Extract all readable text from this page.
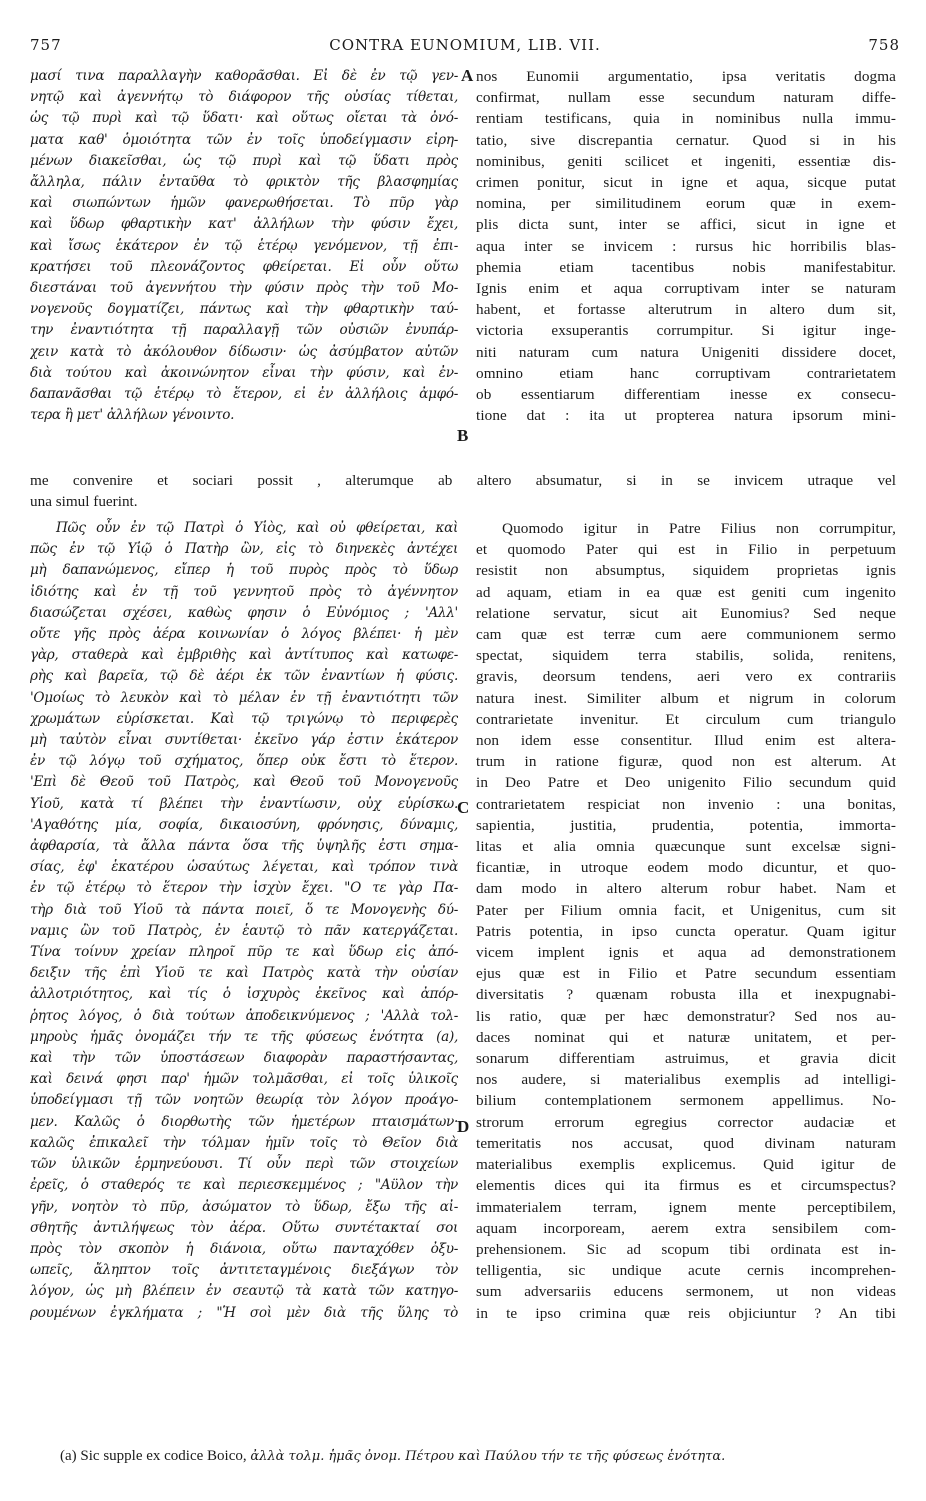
757	CONTRA EUNOMIUM, LIB. VII.	758
μασί τινα παραλλαγὴν καθορᾶσθαι. Εἰ δὲ ἐν τῷ γεν-
νητῷ καὶ ἀγεννήτῳ τὸ διάφορον τῆς οὐσίας τίθεται,
ὡς τῷ πυρὶ καὶ τῷ ὕδατι· καὶ οὕτως οἴεται τὰ ὀνό-
ματα καθ' ὁμοιότητα τῶν ἐν τοῖς ὑποδείγμασιν εἰρη-
μένων διακεῖσθαι, ὡς τῷ πυρὶ καὶ τῷ ὕδατι πρὸς
ἄλληλα, πάλιν ἐνταῦθα τὸ φρικτὸν τῆς βλασφημίας
καὶ σιωπώντων ἡμῶν φανερωθήσεται. Τὸ πῦρ γὰρ
καὶ ὕδωρ φθαρτικὴν κατ' ἀλλήλων τὴν φύσιν ἔχει,
καὶ ἴσως ἑκάτερον ἐν τῷ ἑτέρῳ γενόμενον, τῇ ἐπι-
κρατήσει τοῦ πλεονάζοντος φθείρεται. Εἰ οὖν οὕτω
διεστάναι τοῦ ἀγεννήτου τὴν φύσιν πρὸς τὴν τοῦ Μο-
νογενοῦς δογματίζει, πάντως καὶ τὴν φθαρτικὴν ταύ-
την ἐναντιότητα τῇ παραλλαγῇ τῶν οὐσιῶν ἐνυπάρ-
χειν κατὰ τὸ ἀκόλουθον δίδωσιν· ὡς ἀσύμβατον αὐτῶν
διὰ τούτου καὶ ἀκοινώνητον εἶναι τὴν φύσιν, καὶ ἐν-
δαπανᾶσθαι τῷ ἑτέρῳ τὸ ἕτερον, εἰ ἐν ἀλλήλοις ἀμφό-
τερα ἢ μετ' ἀλλήλων γένοιντο.
nos Eunomii argumentatio, ipsa veritatis dogma
confirmat, nullam esse secundum naturam diffe-
rentiam testificans, quia in nominibus nulla immu-
tatio, sive discrepantia cernatur. Quod si in his
nominibus, geniti scilicet et ingeniti, essentiæ dis-
crimen ponitur, sicut in igne et aqua, sicque putat
nomina, per similitudinem eorum quæ in exem-
plis dicta sunt, inter se affici, sicut in igne et
aqua inter se invicem : rursus hic horribilis blas-
phemia etiam tacentibus nobis manifestabitur.
Ignis enim et aqua corruptivam inter se naturam
habent, et fortasse alterutrum in altero dum sit,
victoria exsuperantis corrumpitur. Si igitur inge-
niti naturam cum natura Unigeniti dissidere docet,
omnino etiam hanc corruptivam contrarietatem
ob essentiarum differentiam inesse ex consecu-
tione dat : ita ut propterea natura ipsorum mini-
A
B
C
D
me convenire et sociari possit , alterumque ab altero absumatur, si in se invicem utraque vel
una simul fuerint.
Πῶς οὖν ἐν τῷ Πατρὶ ὁ Υἱὸς, καὶ οὐ φθείρεται, καὶ
πῶς ἐν τῷ Υἱῷ ὁ Πατὴρ ὢν, εἰς τὸ διηνεκὲς ἀντέχει
μὴ δαπανώμενος, εἴπερ ἡ τοῦ πυρὸς πρὸς τὸ ὕδωρ
ἰδιότης καὶ ἐν τῇ τοῦ γεννητοῦ πρὸς τὸ ἀγέννητον
διασώζεται σχέσει, καθὼς φησιν ὁ Εὐνόμιος ; 'Αλλ'
οὔτε γῆς πρὸς ἀέρα κοινωνίαν ὁ λόγος βλέπει· ἡ μὲν
γὰρ, σταθερὰ καὶ ἐμβριθὴς καὶ ἀντίτυπος καὶ κατωφε-
ρὴς καὶ βαρεῖα, τῷ δὲ ἀέρι ἐκ τῶν ἐναντίων ἡ φύσις.
'Ομοίως τὸ λευκὸν καὶ τὸ μέλαν ἐν τῇ ἐναντιότητι τῶν
χρωμάτων εὑρίσκεται. Καὶ τῷ τριγώνῳ τὸ περιφερὲς
μὴ ταὐτὸν εἶναι συντίθεται· ἐκεῖνο γάρ ἐστιν ἑκάτερον
ἐν τῷ λόγῳ τοῦ σχήματος, ὅπερ οὐκ ἔστι τὸ ἕτερον.
'Επὶ δὲ Θεοῦ τοῦ Πατρὸς, καὶ Θεοῦ τοῦ Μονογενοῦς
Υἱοῦ, κατὰ τί βλέπει τὴν ἐναντίωσιν, οὐχ εὑρίσκω.
'Αγαθότης μία, σοφία, δικαιοσύνη, φρόνησις, δύναμις,
ἀφθαρσία, τὰ ἄλλα πάντα ὅσα τῆς ὑψηλῆς ἐστι σημα-
σίας, ἐφ' ἑκατέρου ὡσαύτως λέγεται, καὶ τρόπον τινὰ
ἐν τῷ ἑτέρῳ τὸ ἕτερον τὴν ἰσχὺν ἔχει. "Ο τε γὰρ Πα-
τὴρ διὰ τοῦ Υἱοῦ τὰ πάντα ποιεῖ, ὅ τε Μονογενὴς δύ-
ναμις ὢν τοῦ Πατρὸς, ἐν ἑαυτῷ τὸ πᾶν κατεργάζεται.
Τίνα τοίνυν χρείαν πληροῖ πῦρ τε καὶ ὕδωρ εἰς ἀπό-
δειξιν τῆς ἐπὶ Υἱοῦ τε καὶ Πατρὸς κατὰ τὴν οὐσίαν
ἀλλοτριότητος, καὶ τίς ὁ ἰσχυρὸς ἐκεῖνος καὶ ἀπόρ-
ῥητος λόγος, ὁ διὰ τούτων ἀποδεικνύμενος ; 'Αλλὰ τολ-
μηροὺς ἡμᾶς ὀνομάζει τήν τε τῆς φύσεως ἑνότητα (a),
καὶ τὴν τῶν ὑποστάσεων διαφορὰν παραστήσαντας,
καὶ δεινά φησι παρ' ἡμῶν τολμᾶσθαι, εἰ τοῖς ὑλικοῖς
ὑποδείγμασι τῇ τῶν νοητῶν θεωρίᾳ τὸν λόγον προάγο-
μεν. Καλῶς ὁ διορθωτὴς τῶν ἡμετέρων πταισμάτων·
καλῶς ἐπικαλεῖ τὴν τόλμαν ἡμῖν τοῖς τὸ Θεῖον διὰ
τῶν ὑλικῶν ἑρμηνεύουσι. Τί οὖν περὶ τῶν στοιχείων
ἐρεῖς, ὁ σταθερός τε καὶ περιεσκεμμένος ; "Αϋλον τὴν
γῆν, νοητὸν τὸ πῦρ, ἀσώματον τὸ ὕδωρ, ἔξω τῆς αἰ-
σθητῆς ἀντιλήψεως τὸν ἀέρα. Οὕτω συντέτακταί σοι
πρὸς τὸν σκοπὸν ἡ διάνοια, οὕτω πανταχόθεν ὀξυ-
ωπεῖς, ἄληπτον τοῖς ἀντιτεταγμένοις διεξάγων τὸν
λόγον, ὡς μὴ βλέπειν ἐν σεαυτῷ τὰ κατὰ τῶν κατηγο-
ρουμένων ἐγκλήματα ; "Ἡ σοὶ μὲν διὰ τῆς ὕλης τὸ
Quomodo igitur in Patre Filius non corrumpitur,
et quomodo Pater qui est in Filio in perpetuum
resistit non absumptus, siquidem proprietas ignis
ad aquam, etiam in ea quæ est geniti cum ingenito
relatione servatur, sicut ait Eunomius? Sed neque
cam quæ est terræ cum aere communionem sermo
spectat, siquidem terra stabilis, solida, renitens,
gravis, deorsum tendens, aeri vero ex contrariis
natura inest. Similiter album et nigrum in colorum
contrarietate invenitur. Et circulum cum triangulo
non idem esse consentitur. Illud enim est altera-
trum in ratione figuræ, quod non est alterum. At
in Deo Patre et Deo unigenito Filio secundum quid
contrarietatem respiciat non invenio : una bonitas,
sapientia, justitia, prudentia, potentia, immorta-
litas et alia omnia quæcunque sunt excelsæ signi-
ficantiæ, in utroque eodem modo dicuntur, et quo-
dam modo in altero alterum robur habet. Nam et
Pater per Filium omnia facit, et Unigenitus, cum sit
Patris potentia, in ipso cuncta operatur. Quam igitur
vicem implent ignis et aqua ad demonstrationem
ejus quæ est in Filio et Patre secundum essentiam
diversitatis ? quænam robusta illa et inexpugnabi-
lis ratio, quæ per hæc demonstratur? Sed nos au-
daces nominat qui et naturæ unitatem, et per-
sonarum differentiam astruimus, et gravia dicit
nos audere, si materialibus exemplis ad intelligi-
bilium contemplationem sermonem appellimus. No-
strorum errorum egregius corrector audaciæ et
temeritatis nos accusat, quod divinam naturam
materialibus exemplis explicemus. Quid igitur de
elementis dices qui ita firmus es et circumspectus?
immaterialem terram, ignem mente perceptibilem,
aquam incorpoream, aerem extra sensibilem com-
prehensionem. Sic ad scopum tibi ordinata est in-
telligentia, sic undique acute cernis incomprehen-
sum adversariis educens sermonem, ut non videas
in te ipso crimina quæ reis objiciuntur ? An tibi
(a) Sic supple ex codice Boico, ἀλλὰ τολμ. ἡμᾶς ὀνομ. Πέτρου καὶ Παύλου τήν τε τῆς φύσεως ἑνότητα.
